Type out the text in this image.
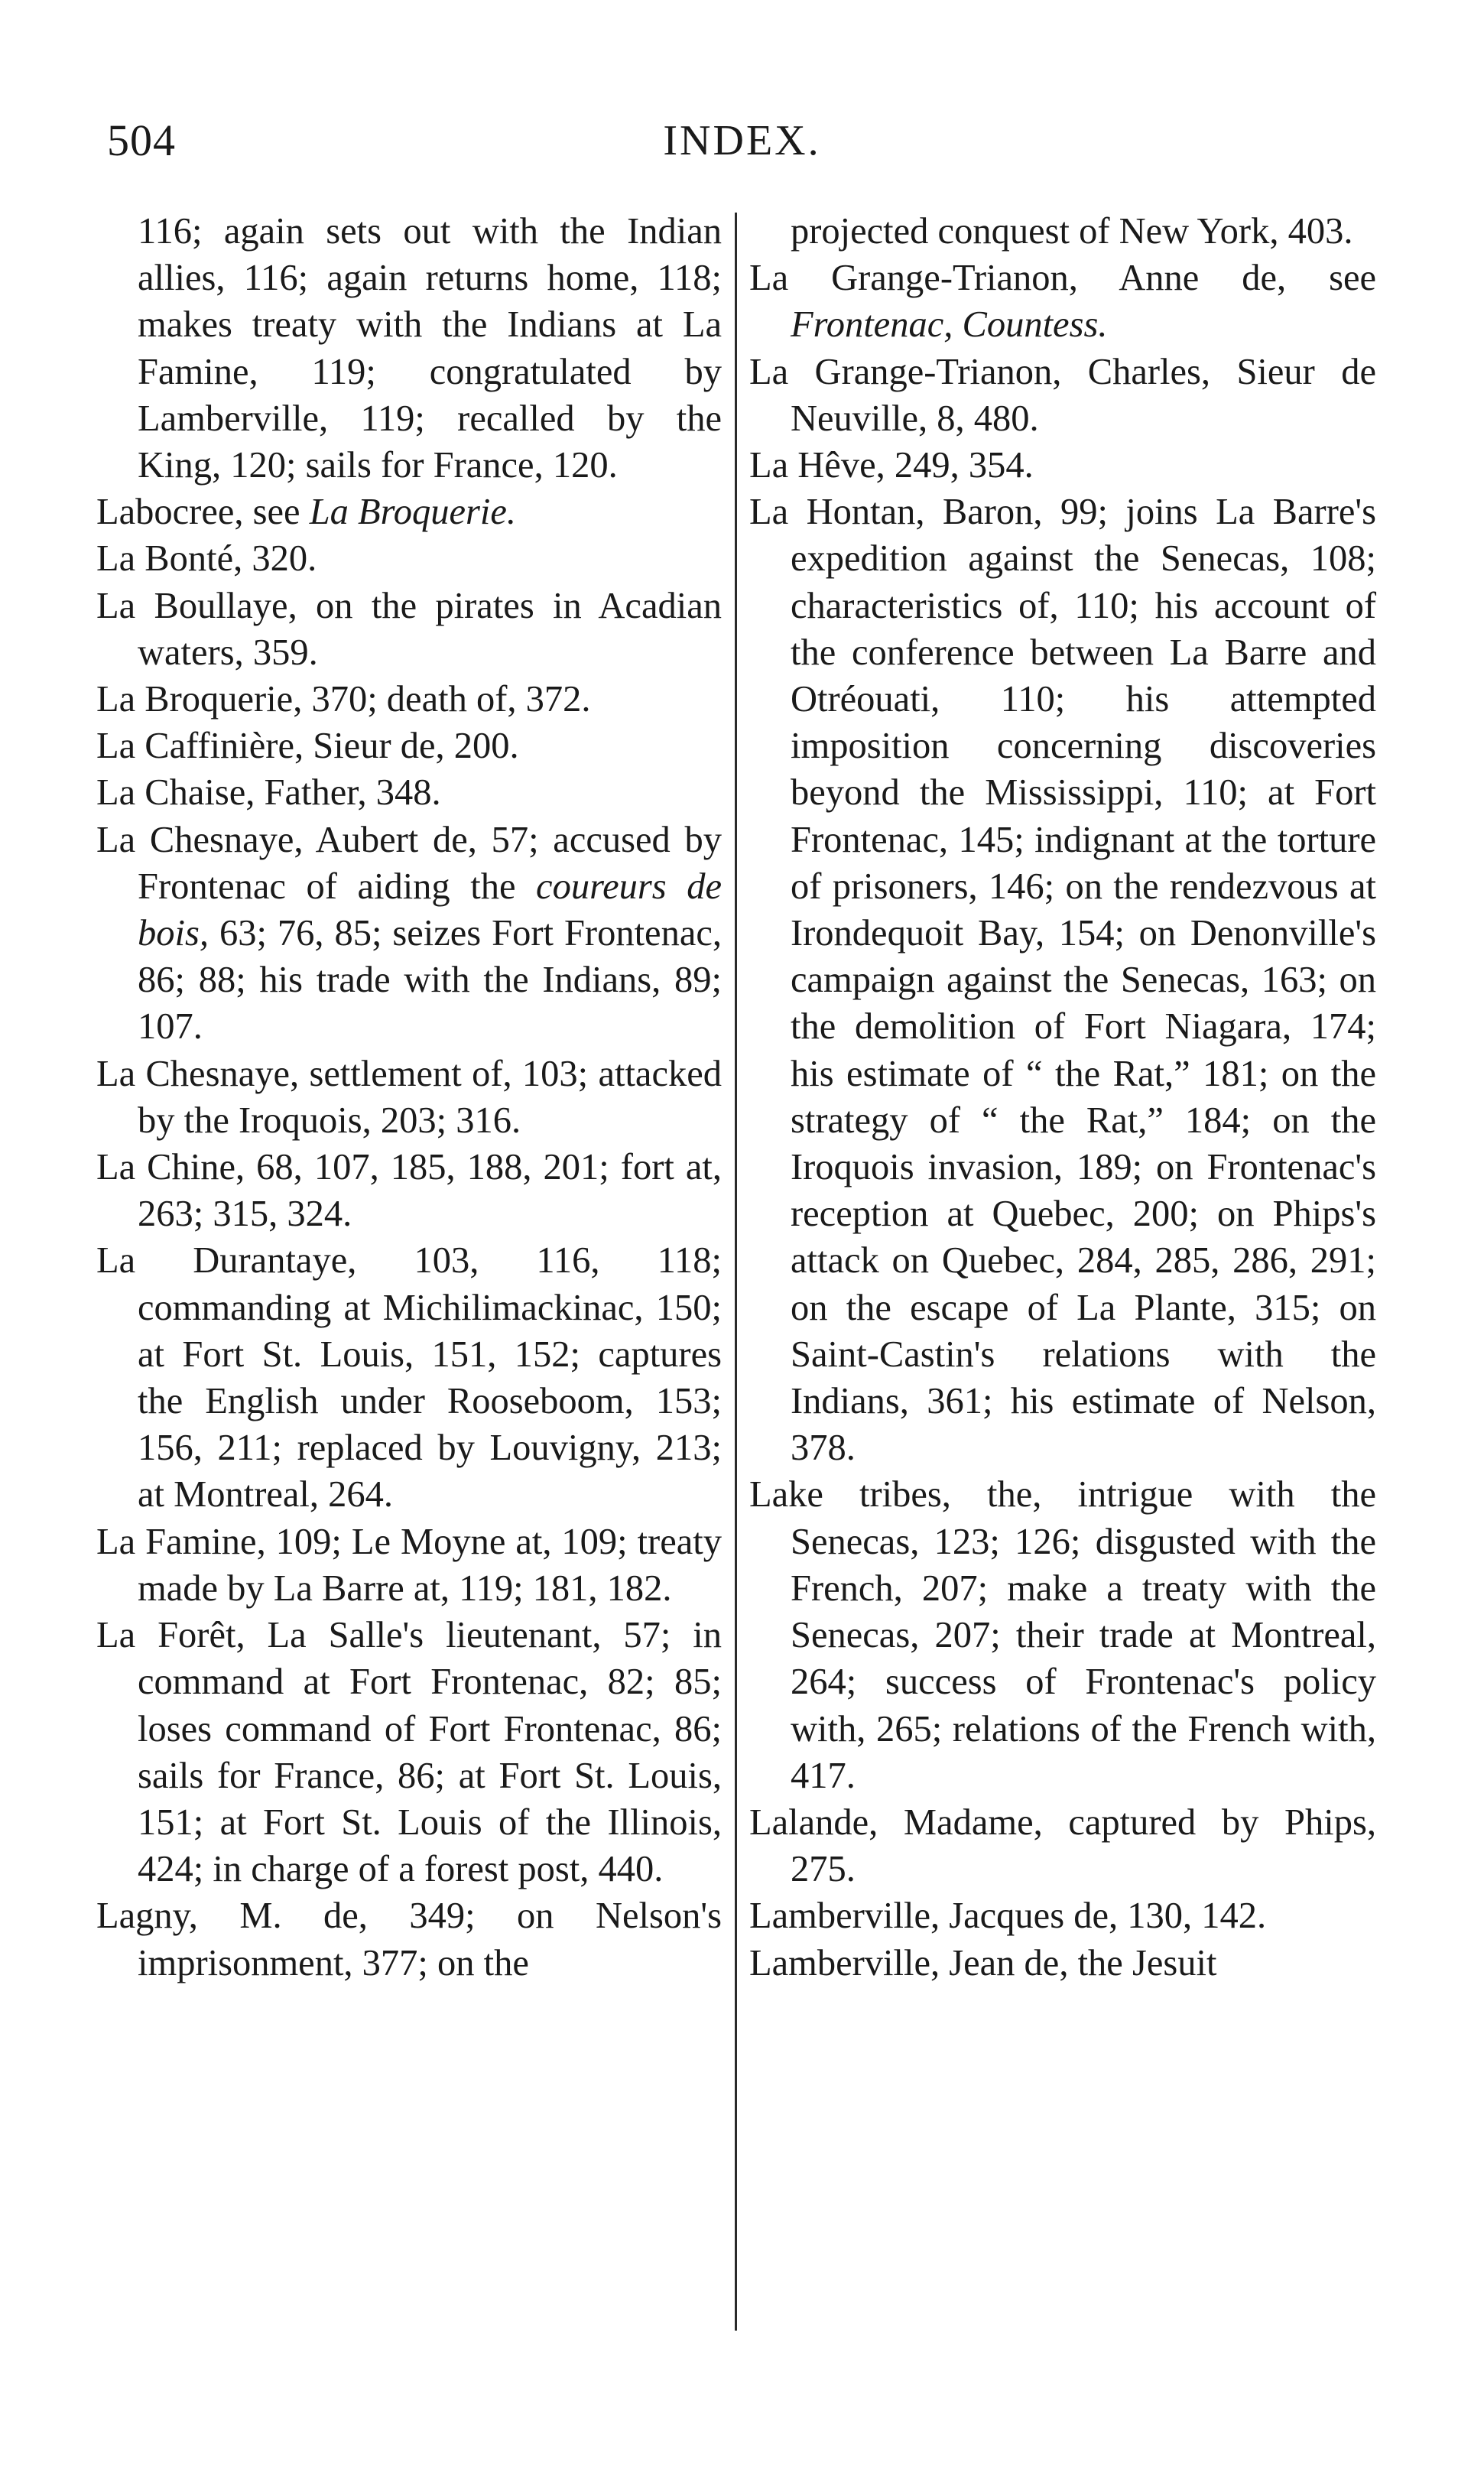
504	INDEX.
116; again sets out with the Indian allies, 116; again returns home, 118; makes treaty with the Indians at La Famine, 119; congratulated by Lamberville, 119; recalled by the King, 120; sails for France, 120.
Labocree, see La Broquerie.
La Bonté, 320.
La Boullaye, on the pirates in Acadian waters, 359.
La Broquerie, 370; death of, 372.
La Caffinière, Sieur de, 200.
La Chaise, Father, 348.
La Chesnaye, Aubert de, 57; accused by Frontenac of aiding the coureurs de bois, 63; 76, 85; seizes Fort Frontenac, 86; 88; his trade with the Indians, 89; 107.
La Chesnaye, settlement of, 103; attacked by the Iroquois, 203; 316.
La Chine, 68, 107, 185, 188, 201; fort at, 263; 315, 324.
La Durantaye, 103, 116, 118; commanding at Michilimackinac, 150; at Fort St. Louis, 151, 152; captures the English under Rooseboom, 153; 156, 211; replaced by Louvigny, 213; at Montreal, 264.
La Famine, 109; Le Moyne at, 109; treaty made by La Barre at, 119; 181, 182.
La Forêt, La Salle's lieutenant, 57; in command at Fort Frontenac, 82; 85; loses command of Fort Frontenac, 86; sails for France, 86; at Fort St. Louis, 151; at Fort St. Louis of the Illinois, 424; in charge of a forest post, 440.
Lagny, M. de, 349; on Nelson's imprisonment, 377; on the
projected conquest of New York, 403.
La Grange-Trianon, Anne de, see Frontenac, Countess.
La Grange-Trianon, Charles, Sieur de Neuville, 8, 480.
La Hêve, 249, 354.
La Hontan, Baron, 99; joins La Barre's expedition against the Senecas, 108; characteristics of, 110; his account of the conference between La Barre and Otréouati, 110; his attempted imposition concerning discoveries beyond the Mississippi, 110; at Fort Frontenac, 145; indignant at the torture of prisoners, 146; on the rendezvous at Irondequoit Bay, 154; on Denonville's campaign against the Senecas, 163; on the demolition of Fort Niagara, 174; his estimate of “ the Rat,” 181; on the strategy of “ the Rat,” 184; on the Iroquois invasion, 189; on Frontenac's reception at Quebec, 200; on Phips's attack on Quebec, 284, 285, 286, 291; on the escape of La Plante, 315; on Saint-Castin's relations with the Indians, 361; his estimate of Nelson, 378.
Lake tribes, the, intrigue with the Senecas, 123; 126; disgusted with the French, 207; make a treaty with the Senecas, 207; their trade at Montreal, 264; success of Frontenac's policy with, 265; relations of the French with, 417.
Lalande, Madame, captured by Phips, 275.
Lamberville, Jacques de, 130, 142.
Lamberville, Jean de, the Jesuit
